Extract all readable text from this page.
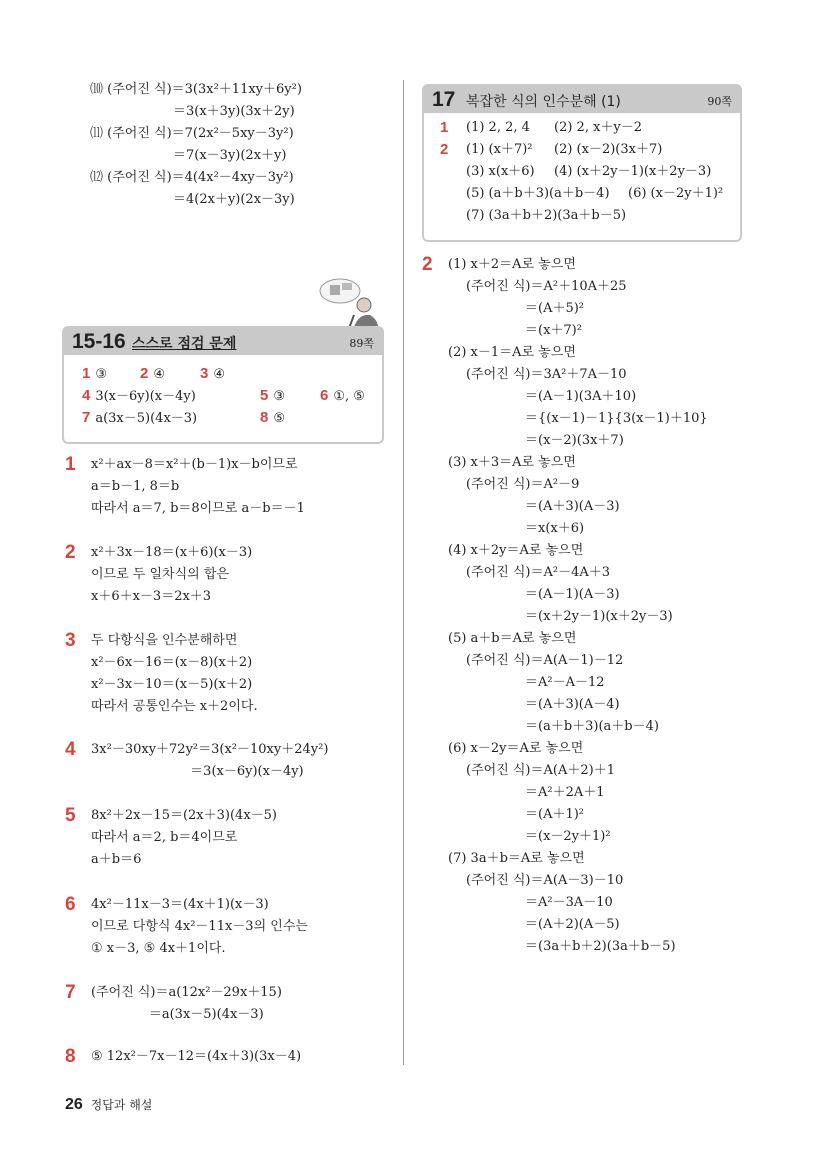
⑽ (주어진 식)＝3(3x²＋11xy＋6y²)
＝3(x＋3y)(3x＋2y)
⑾ (주어진 식)＝7(2x²－5xy－3y²)
＝7(x－3y)(2x＋y)
⑿ (주어진 식)＝4(4x²－4xy－3y²)
＝4(2x＋y)(2x－3y)
15-16 스스로 점검 문제	89쪽
1 ③ 2 ④ 3 ④
4 3(x－6y)(x－4y)	5 ③ 6 ①, ⑤
7 a(3x－5)(4x－3)	8 ⑤
17 복잡한 식의 인수분해 (1)	90쪽
1 (1) 2, 2, 4 (2) 2, x＋y－2
2 (1) (x＋7)² (2) (x－2)(3x＋7)
(3) x(x＋6) (4) (x＋2y－1)(x＋2y－3)
(5) (a＋b＋3)(a＋b－4) (6) (x－2y＋1)²
(7) (3a＋b＋2)(3a＋b－5)
1 x²＋ax－8＝x²＋(b－1)x－b이므로
a＝b－1, 8＝b
따라서 a＝7, b＝8이므로 a－b＝－1
2 x²＋3x－18＝(x＋6)(x－3)
이므로 두 일차식의 합은
x＋6＋x－3＝2x＋3
3 두 다항식을 인수분해하면
x²－6x－16＝(x－8)(x＋2)
x²－3x－10＝(x－5)(x＋2)
따라서 공통인수는 x＋2이다.
4 3x²－30xy＋72y²＝3(x²－10xy＋24y²)
＝3(x－6y)(x－4y)
5 8x²＋2x－15＝(2x＋3)(4x－5)
따라서 a＝2, b＝4이므로
a＋b＝6
6 4x²－11x－3＝(4x＋1)(x－3)
이므로 다항식 4x²－11x－3의 인수는
① x－3, ⑤ 4x＋1이다.
7 (주어진 식)＝a(12x²－29x＋15)
＝a(3x－5)(4x－3)
8 ⑤ 12x²－7x－12＝(4x＋3)(3x－4)
2 (1) x＋2＝A로 놓으면
(주어진 식)＝A²＋10A＋25
＝(A＋5)²
＝(x＋7)²
(2) x－1＝A로 놓으면
(주어진 식)＝3A²＋7A－10
＝(A－1)(3A＋10)
＝{(x－1)－1}{3(x－1)＋10}
＝(x－2)(3x＋7)
(3) x＋3＝A로 놓으면
(주어진 식)＝A²－9
＝(A＋3)(A－3)
＝x(x＋6)
(4) x＋2y＝A로 놓으면
(주어진 식)＝A²－4A＋3
＝(A－1)(A－3)
＝(x＋2y－1)(x＋2y－3)
(5) a＋b＝A로 놓으면
(주어진 식)＝A(A－1)－12
＝A²－A－12
＝(A＋3)(A－4)
＝(a＋b＋3)(a＋b－4)
(6) x－2y＝A로 놓으면
(주어진 식)＝A(A＋2)＋1
＝A²＋2A＋1
＝(A＋1)²
＝(x－2y＋1)²
(7) 3a＋b＝A로 놓으면
(주어진 식)＝A(A－3)－10
＝A²－3A－10
＝(A＋2)(A－5)
＝(3a＋b＋2)(3a＋b－5)
26 정답과 해설
